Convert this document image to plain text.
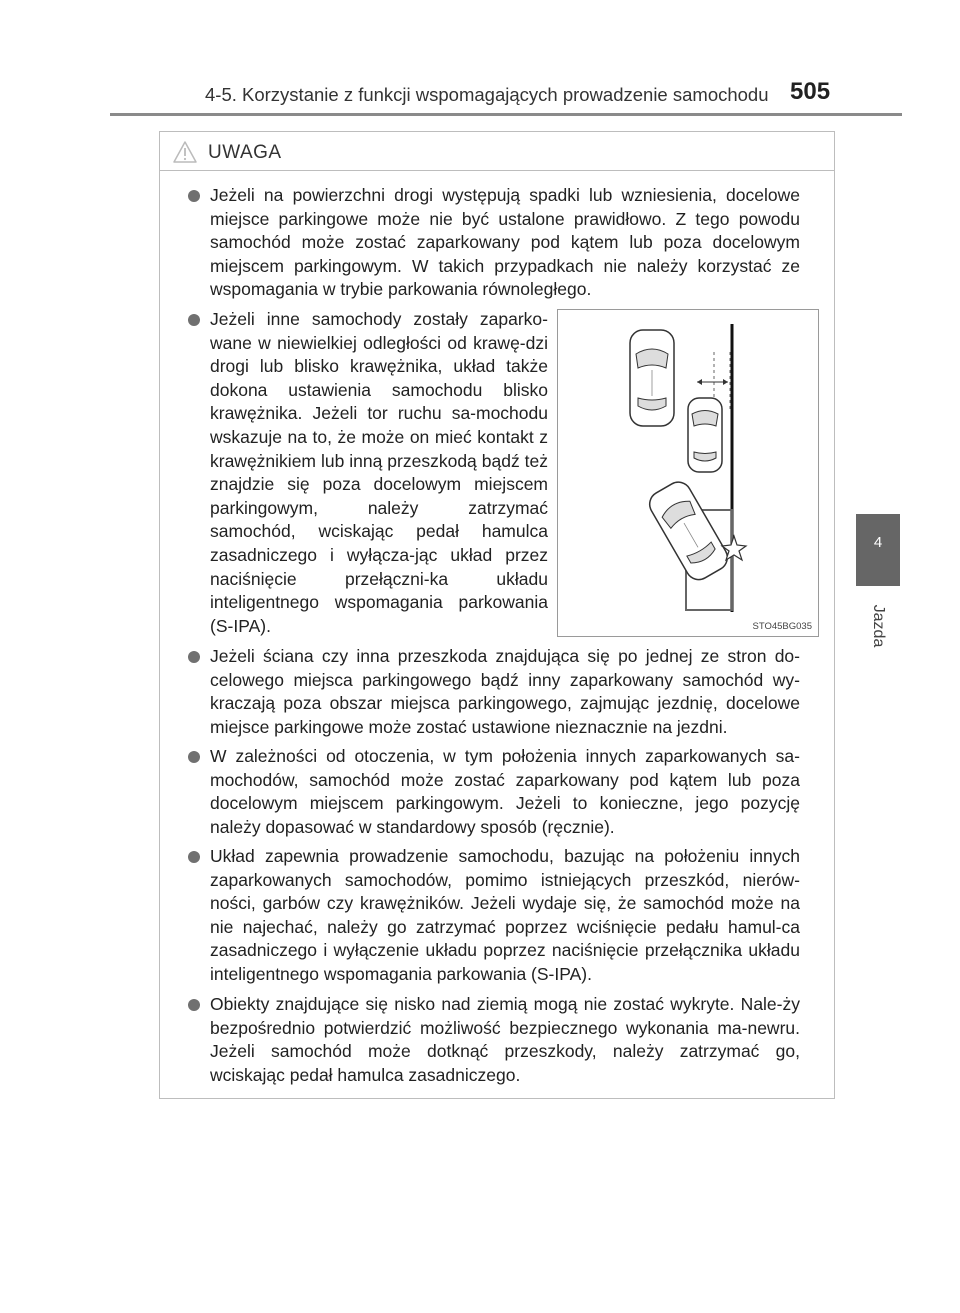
4-5. Korzystanie z funkcji wspomagających prowadzenie samochodu 505
4
Jazda
UWAGA
Jeżeli na powierzchni drogi występują spadki lub wzniesienia, docelowe miejsce parkingowe może nie być ustalone prawidłowo. Z tego powodu samochód może zostać zaparkowany pod kątem lub poza docelowym miejscem parkingowym. W takich przypadkach nie należy korzystać ze wspomagania w trybie parkowania równoległego.
Jeżeli inne samochody zostały zaparko-wane w niewielkiej odległości od krawę-dzi drogi lub blisko krawężnika, układ także dokona ustawienia samochodu blisko krawężnika. Jeżeli tor ruchu sa-mochodu wskazuje na to, że może on mieć kontakt z krawężnikiem lub inną przeszkodą bądź też znajdzie się poza docelowym miejscem parkingowym, należy zatrzymać samochód, wciskając pedał hamulca zasadniczego i wyłącza-jąc układ przez naciśnięcie przełączni-ka układu inteligentnego wspomagania parkowania (S-IPA).	STO45BG035
Jeżeli ściana czy inna przeszkoda znajdująca się po jednej ze stron do-celowego miejsca parkingowego bądź inny zaparkowany samochód wy-kraczają poza obszar miejsca parkingowego, zajmując jezdnię, docelowe miejsce parkingowe może zostać ustawione nieznacznie na jezdni.
W zależności od otoczenia, w tym położenia innych zaparkowanych sa-mochodów, samochód może zostać zaparkowany pod kątem lub poza docelowym miejscem parkingowym. Jeżeli to konieczne, jego pozycję należy dopasować w standardowy sposób (ręcznie).
Układ zapewnia prowadzenie samochodu, bazując na położeniu innych zaparkowanych samochodów, pomimo istniejących przeszkód, nierów-ności, garbów czy krawężników. Jeżeli wydaje się, że samochód może na nie najechać, należy go zatrzymać poprzez wciśnięcie pedału hamul-ca zasadniczego i wyłączenie układu poprzez naciśnięcie przełącznika układu inteligentnego wspomagania parkowania (S-IPA).
Obiekty znajdujące się nisko nad ziemią mogą nie zostać wykryte. Nale-ży bezpośrednio potwierdzić możliwość bezpiecznego wykonania ma-newru. Jeżeli samochód może dotknąć przeszkody, należy zatrzymać go, wciskając pedał hamulca zasadniczego.
